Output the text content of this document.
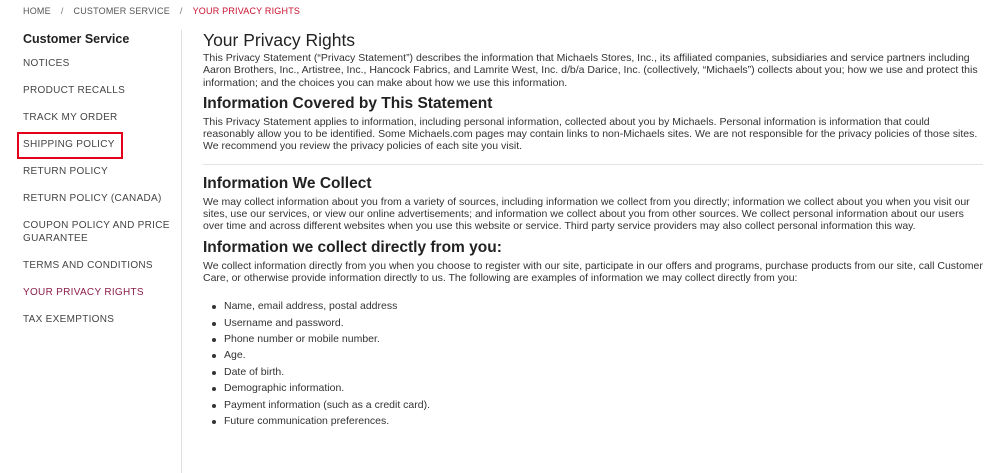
HOME / CUSTOMER SERVICE / YOUR PRIVACY RIGHTS
Customer Service
NOTICES
PRODUCT RECALLS
TRACK MY ORDER
SHIPPING POLICY
RETURN POLICY
RETURN POLICY (CANADA)
COUPON POLICY AND PRICE GUARANTEE
TERMS AND CONDITIONS
YOUR PRIVACY RIGHTS
TAX EXEMPTIONS
Your Privacy Rights

This Privacy Statement (“Privacy Statement”) describes the information that Michaels Stores, Inc., its affiliated companies, subsidiaries and service partners including Aaron Brothers, Inc., Artistree, Inc., Hancock Fabrics, and Lamrite West, Inc. d/b/a Darice, Inc. (collectively, “Michaels”) collects about you; how we use and protect this information; and the choices you can make about how we use this information.

Information Covered by This Statement

This Privacy Statement applies to information, including personal information, collected about you by Michaels. Personal information is information that could reasonably allow you to be identified. Some Michaels.com pages may contain links to non-Michaels sites. We are not responsible for the privacy policies of those sites. We recommend you review the privacy policies of each site you visit.

Information We Collect

We may collect information about you from a variety of sources, including information we collect from you directly; information we collect about you when you visit our sites, use our services, or view our online advertisements; and information we collect about you from other sources. We collect personal information about our users over time and across different websites when you use this website or service. Third party service providers may also collect personal information this way.

Information we collect directly from you:

We collect information directly from you when you choose to register with our site, participate in our offers and programs, purchase products from our site, call Customer Care, or otherwise provide information directly to us. The following are examples of information we may collect directly from you:

Name, email address, postal address
Username and password.
Phone number or mobile number.
Age.
Date of birth.
Demographic information.
Payment information (such as a credit card).
Future communication preferences.
